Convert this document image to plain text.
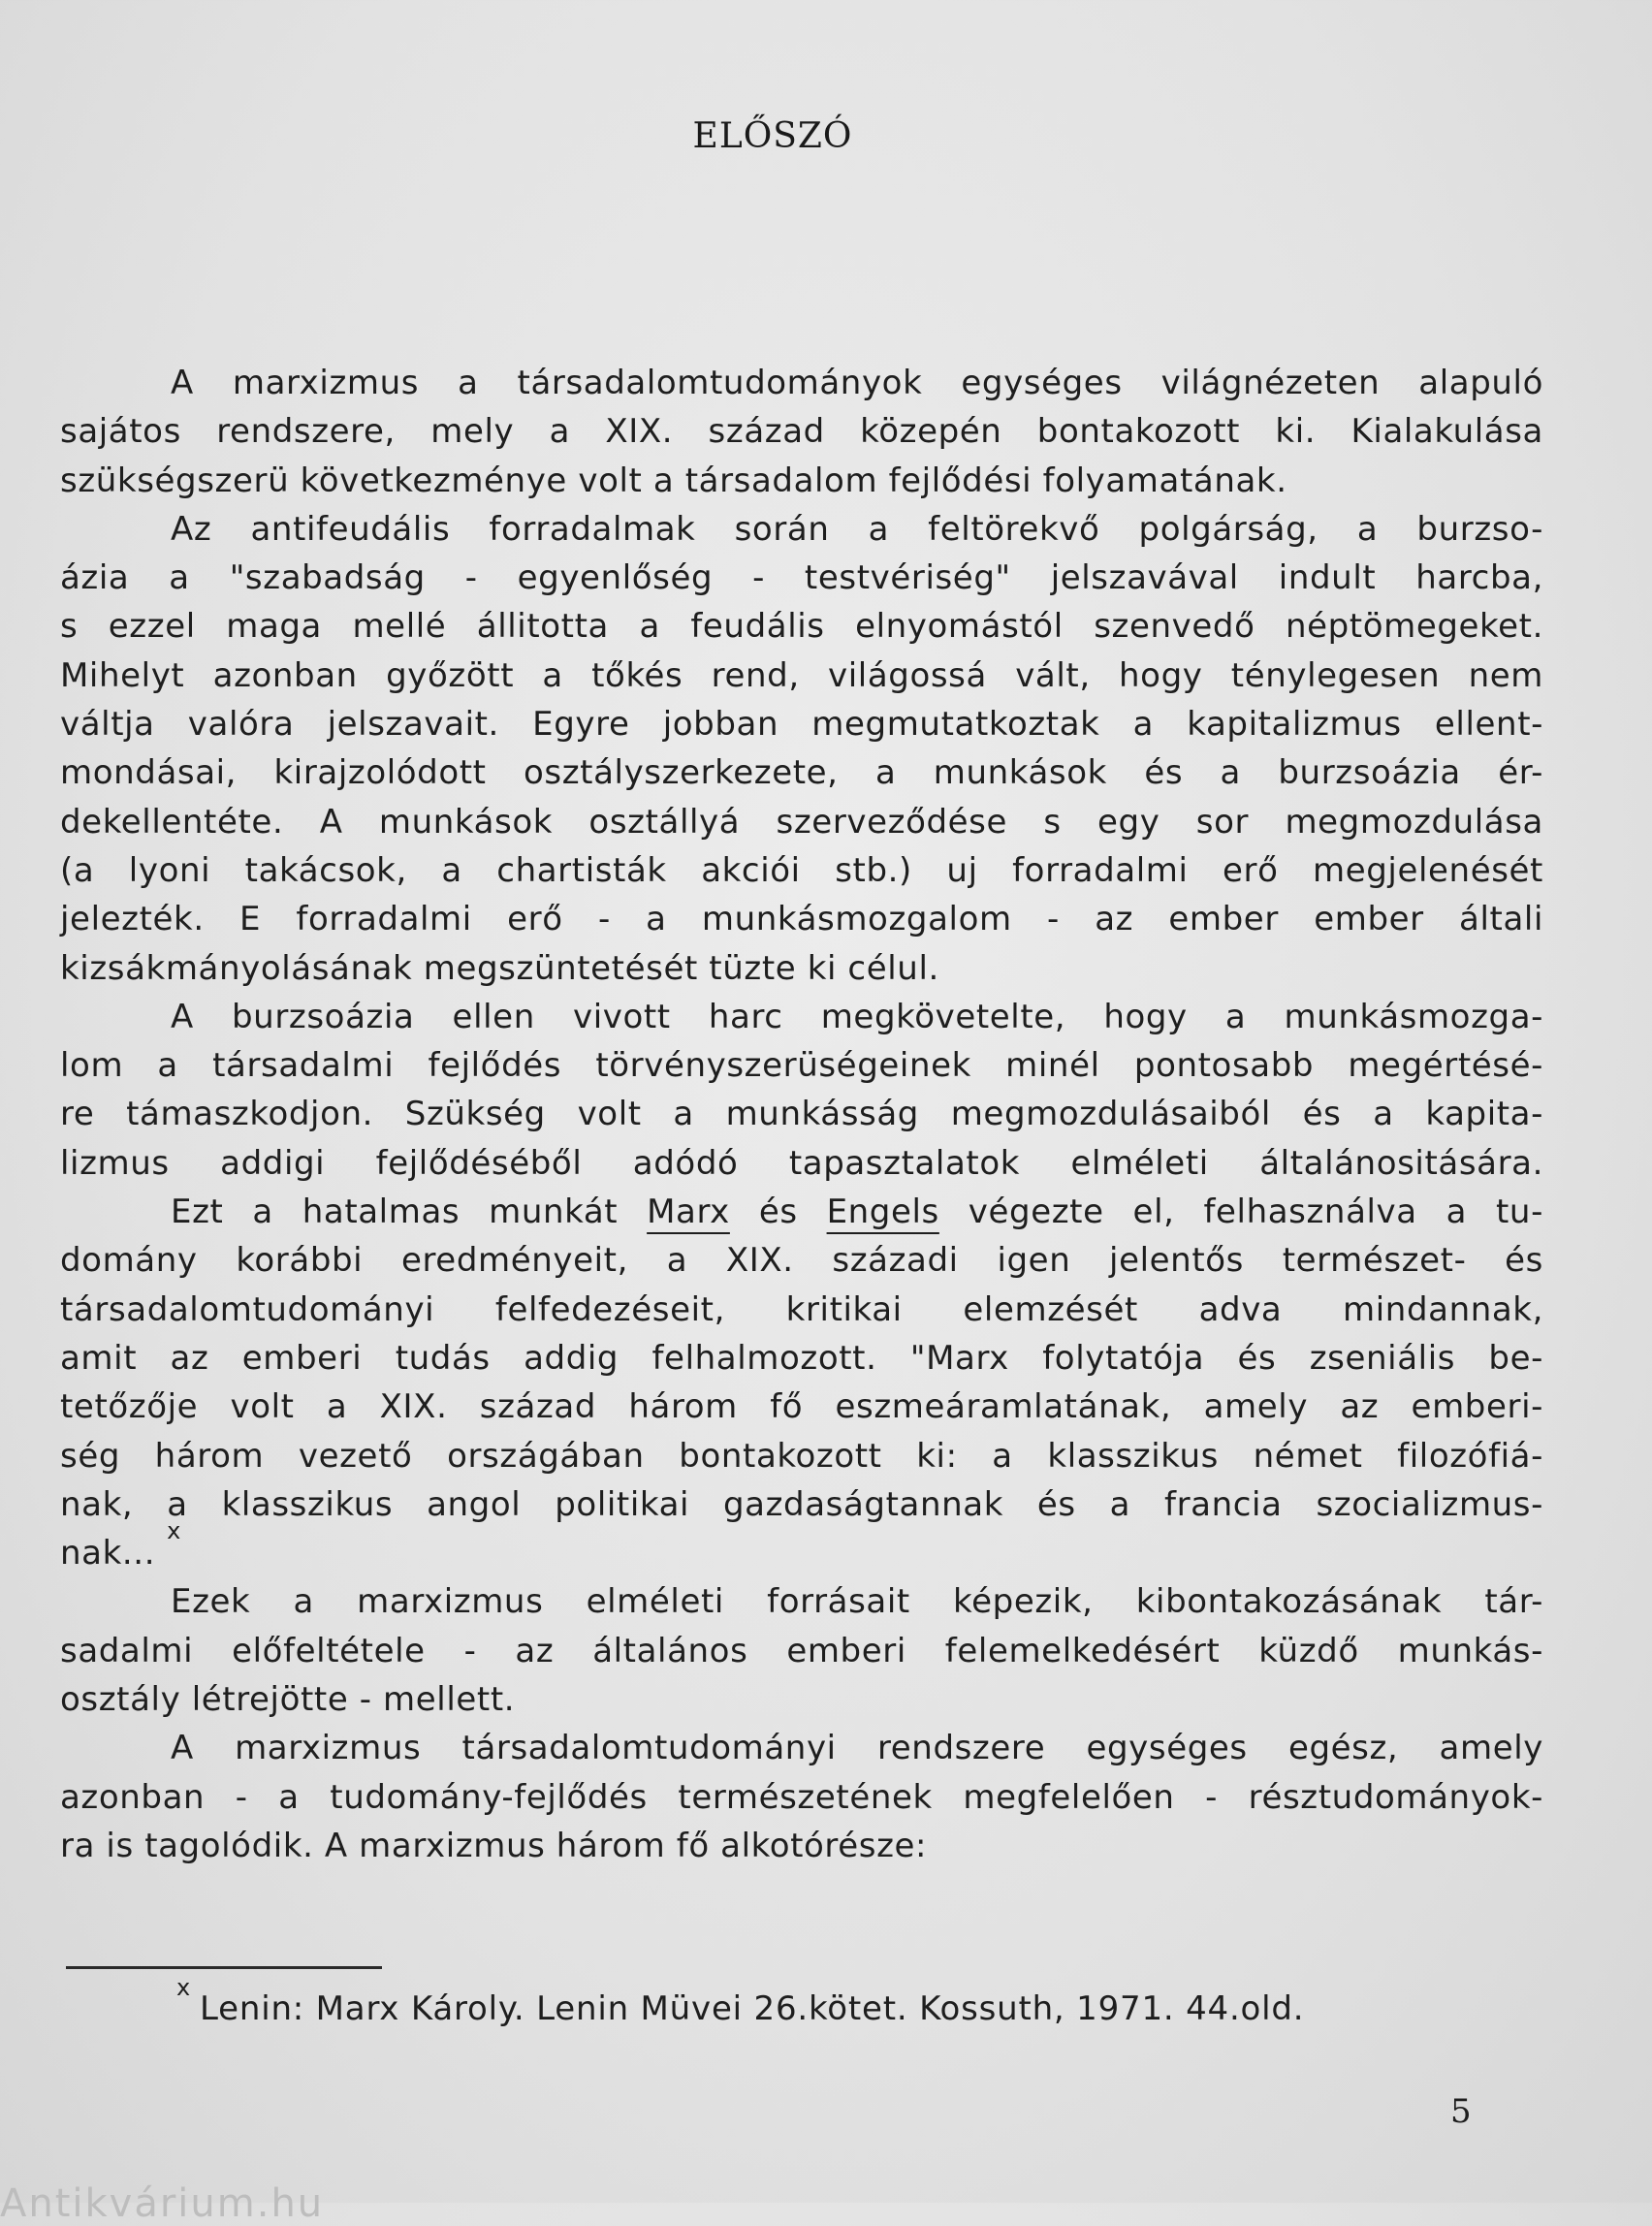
ELŐSZÓ
A marxizmus a társadalomtudományok egységes világnézeten alapuló
sajátos rendszere, mely a XIX. század közepén bontakozott ki. Kialakulása
szükségszerü következménye volt a társadalom fejlődési folyamatának.
Az antifeudális forradalmak során a feltörekvő polgárság, a burzso-
ázia a "szabadság - egyenlőség - testvériség" jelszavával indult harcba,
s ezzel maga mellé állitotta a feudális elnyomástól szenvedő néptömegeket.
Mihelyt azonban győzött a tőkés rend, világossá vált, hogy ténylegesen nem
váltja valóra jelszavait. Egyre jobban megmutatkoztak a kapitalizmus ellent-
mondásai, kirajzolódott osztályszerkezete, a munkások és a burzsoázia ér-
dekellentéte. A munkások osztállyá szerveződése s egy sor megmozdulása
(a lyoni takácsok, a chartisták akciói stb.) uj forradalmi erő megjelenését
jelezték. E forradalmi erő - a munkásmozgalom - az ember ember általi
kizsákmányolásának megszüntetését tüzte ki célul.
A burzsoázia ellen vivott harc megkövetelte, hogy a munkásmozga-
lom a társadalmi fejlődés törvényszerüségeinek minél pontosabb megértésé-
re támaszkodjon. Szükség volt a munkásság megmozdulásaiból és a kapita-
lizmus addigi fejlődéséből adódó tapasztalatok elméleti általánositására.
Ezt a hatalmas munkát Marx és Engels végezte el, felhasználva a tu-
domány korábbi eredményeit, a XIX. századi igen jelentős természet- és
társadalomtudományi felfedezéseit, kritikai elemzését adva mindannak,
amit az emberi tudás addig felhalmozott. "Marx folytatója és zseniális be-
tetőzője volt a XIX. század három fő eszmeáramlatának, amely az emberi-
ség három vezető országában bontakozott ki: a klasszikus német filozófiá-
nak, a klasszikus angol politikai gazdaságtannak és a francia szocializmus-
nak...$^x$
Ezek a marxizmus elméleti forrásait képezik, kibontakozásának tár-
sadalmi előfeltétele - az általános emberi felemelkedésért küzdő munkás-
osztály létrejötte - mellett.
A marxizmus társadalomtudományi rendszere egységes egész, amely
azonban - a tudomány-fejlődés természetének megfelelően - résztudományok-
ra is tagolódik. A marxizmus három fő alkotórésze:
x
Lenin: Marx Károly. Lenin Müvei 26.kötet. Kossuth, 1971. 44.old.
5
Antikvárium.hu
